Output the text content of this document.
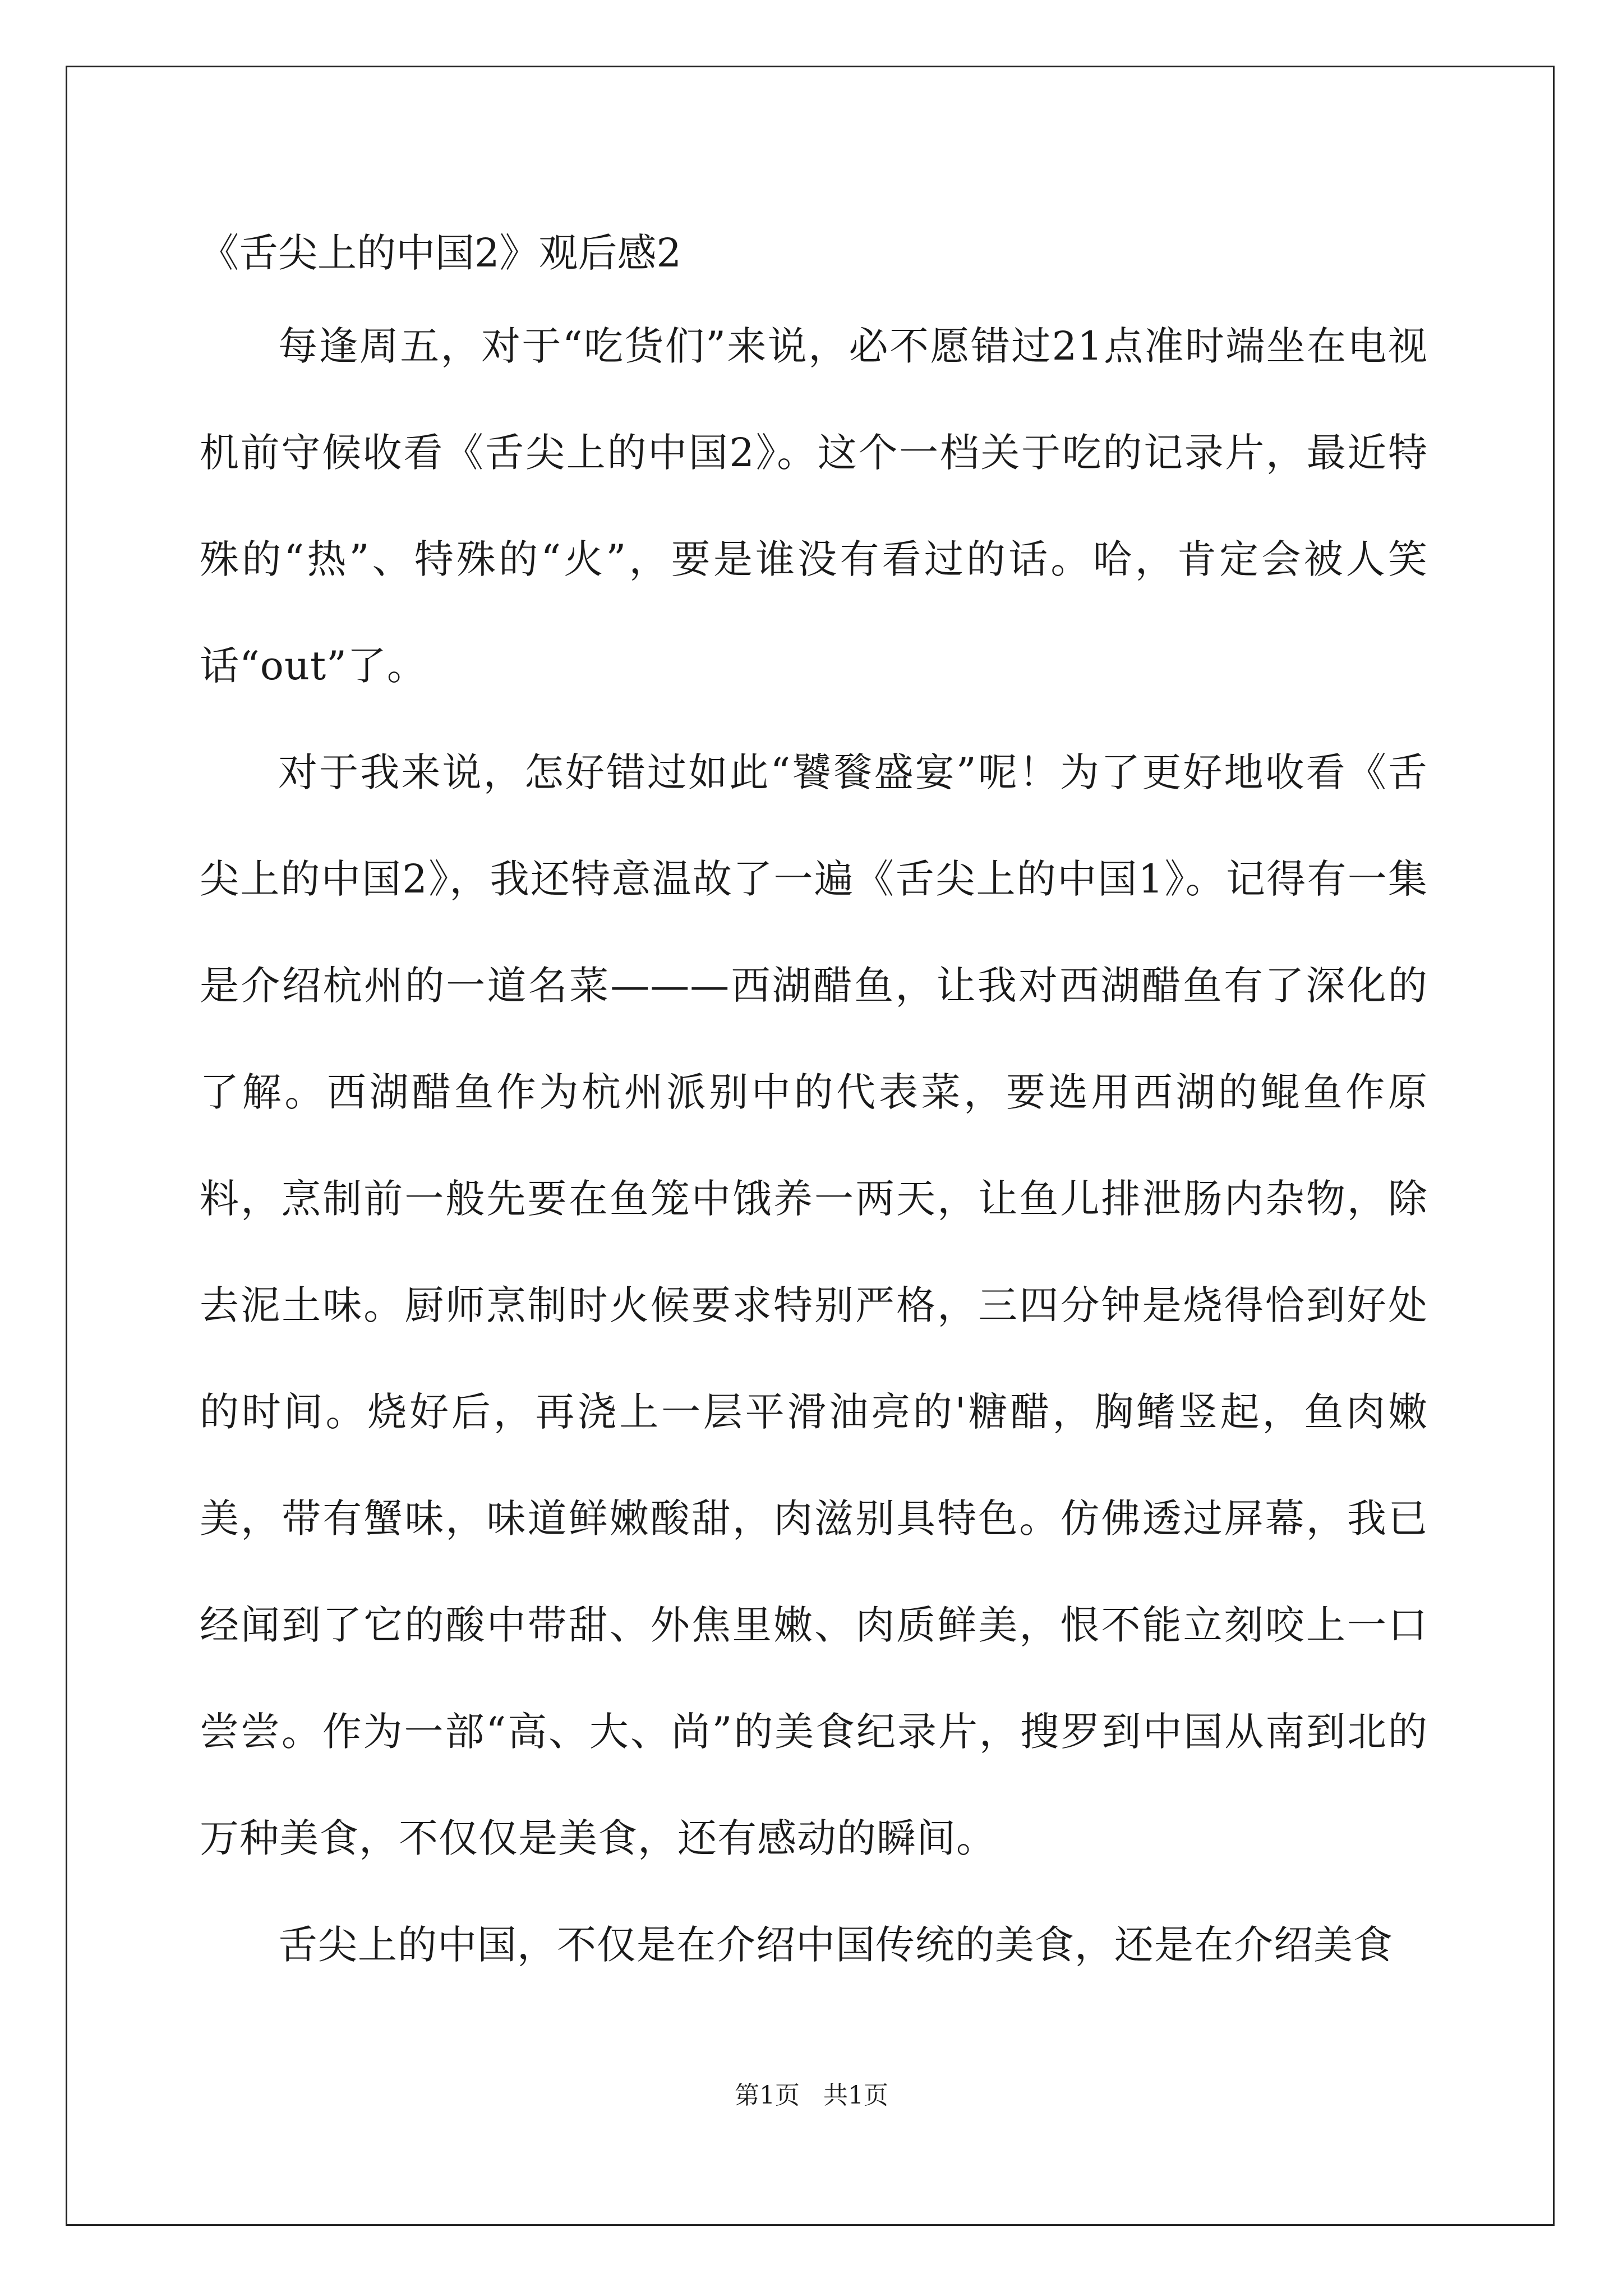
《舌尖上的中国2》观后感2

每逢周五，对于“吃货们”来说，必不愿错过21点准时端坐在电视机前守候收看《舌尖上的中国2》。这个一档关于吃的记录片，最近特殊的“热”、特殊的“火”，要是谁没有看过的话。哈，肯定会被人笑话“out”了。

对于我来说，怎好错过如此“饕餮盛宴”呢！为了更好地收看《舌尖上的中国2》，我还特意温故了一遍《舌尖上的中国1》。记得有一集是介绍杭州的一道名菜———西湖醋鱼，让我对西湖醋鱼有了深化的了解。西湖醋鱼作为杭州派别中的代表菜，要选用西湖的鲲鱼作原料，烹制前一般先要在鱼笼中饿养一两天，让鱼儿排泄肠内杂物，除去泥土味。厨师烹制时火候要求特别严格，三四分钟是烧得恰到好处的时间。烧好后，再浇上一层平滑油亮的'糖醋，胸鳍竖起，鱼肉嫩美，带有蟹味，味道鲜嫩酸甜，肉滋别具特色。仿佛透过屏幕，我已经闻到了它的酸中带甜、外焦里嫩、肉质鲜美，恨不能立刻咬上一口尝尝。作为一部“高、大、尚”的美食纪录片，搜罗到中国从南到北的万种美食，不仅仅是美食，还有感动的瞬间。

舌尖上的中国，不仅是在介绍中国传统的美食，还是在介绍美食

第1页   共1页
